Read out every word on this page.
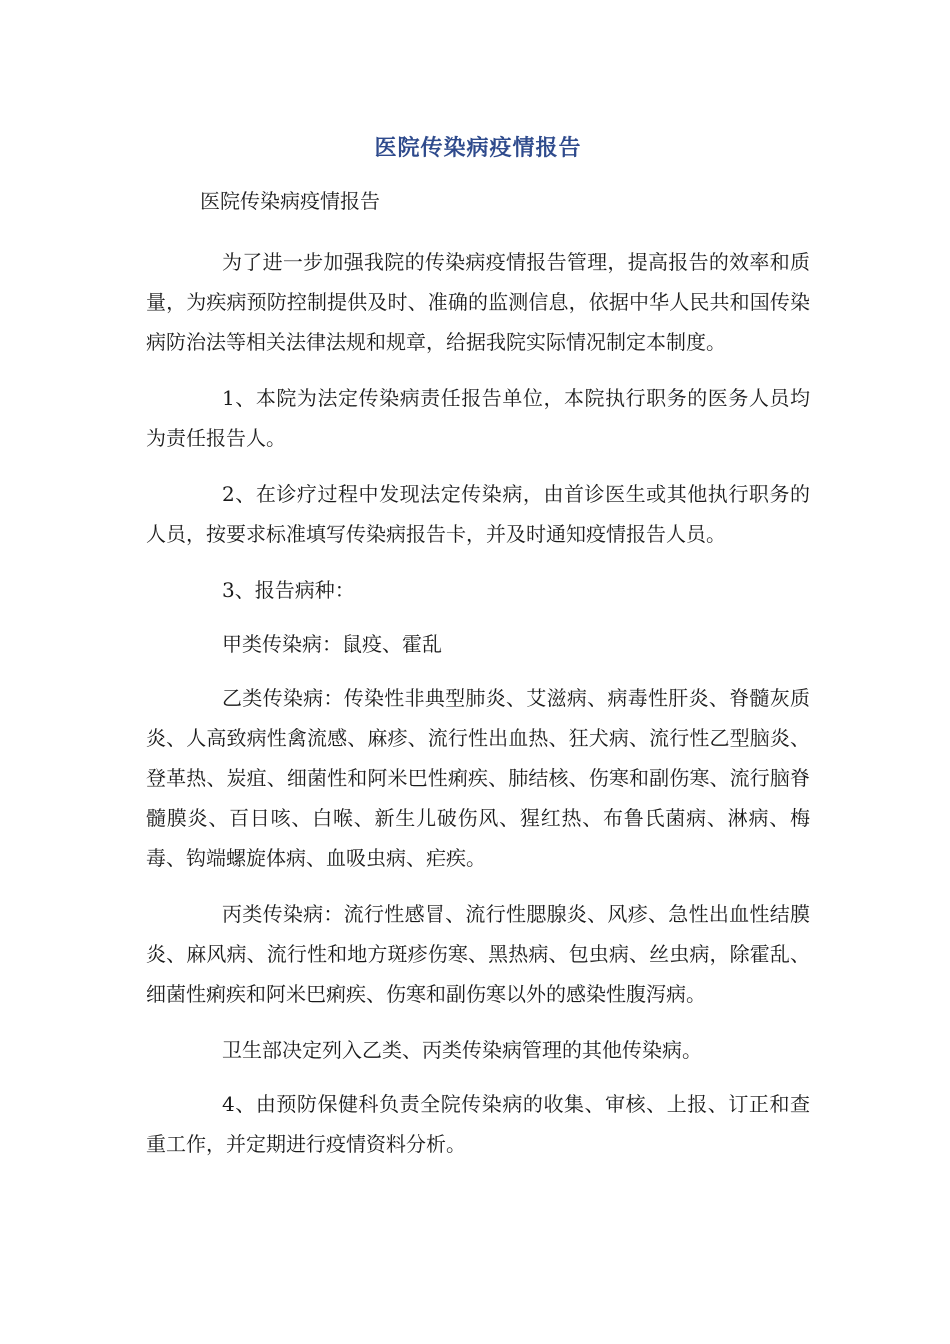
医院传染病疫情报告
医院传染病疫情报告

为了进一步加强我院的传染病疫情报告管理，提高报告的效率和质量，为疾病预防控制提供及时、准确的监测信息，依据中华人民共和国传染病防治法等相关法律法规和规章，给据我院实际情况制定本制度。

1、本院为法定传染病责任报告单位，本院执行职务的医务人员均为责任报告人。

2、在诊疗过程中发现法定传染病，由首诊医生或其他执行职务的人员，按要求标准填写传染病报告卡，并及时通知疫情报告人员。

3、报告病种：

甲类传染病：鼠疫、霍乱

乙类传染病：传染性非典型肺炎、艾滋病、病毒性肝炎、脊髓灰质炎、人高致病性禽流感、麻疹、流行性出血热、狂犬病、流行性乙型脑炎、登革热、炭疽、细菌性和阿米巴性痢疾、肺结核、伤寒和副伤寒、流行脑脊髓膜炎、百日咳、白喉、新生儿破伤风、猩红热、布鲁氏菌病、淋病、梅毒、钩端螺旋体病、血吸虫病、疟疾。

丙类传染病：流行性感冒、流行性腮腺炎、风疹、急性出血性结膜炎、麻风病、流行性和地方斑疹伤寒、黑热病、包虫病、丝虫病，除霍乱、细菌性痢疾和阿米巴痢疾、伤寒和副伤寒以外的感染性腹泻病。

卫生部决定列入乙类、丙类传染病管理的其他传染病。

4、由预防保健科负责全院传染病的收集、审核、上报、订正和查重工作，并定期进行疫情资料分析。
